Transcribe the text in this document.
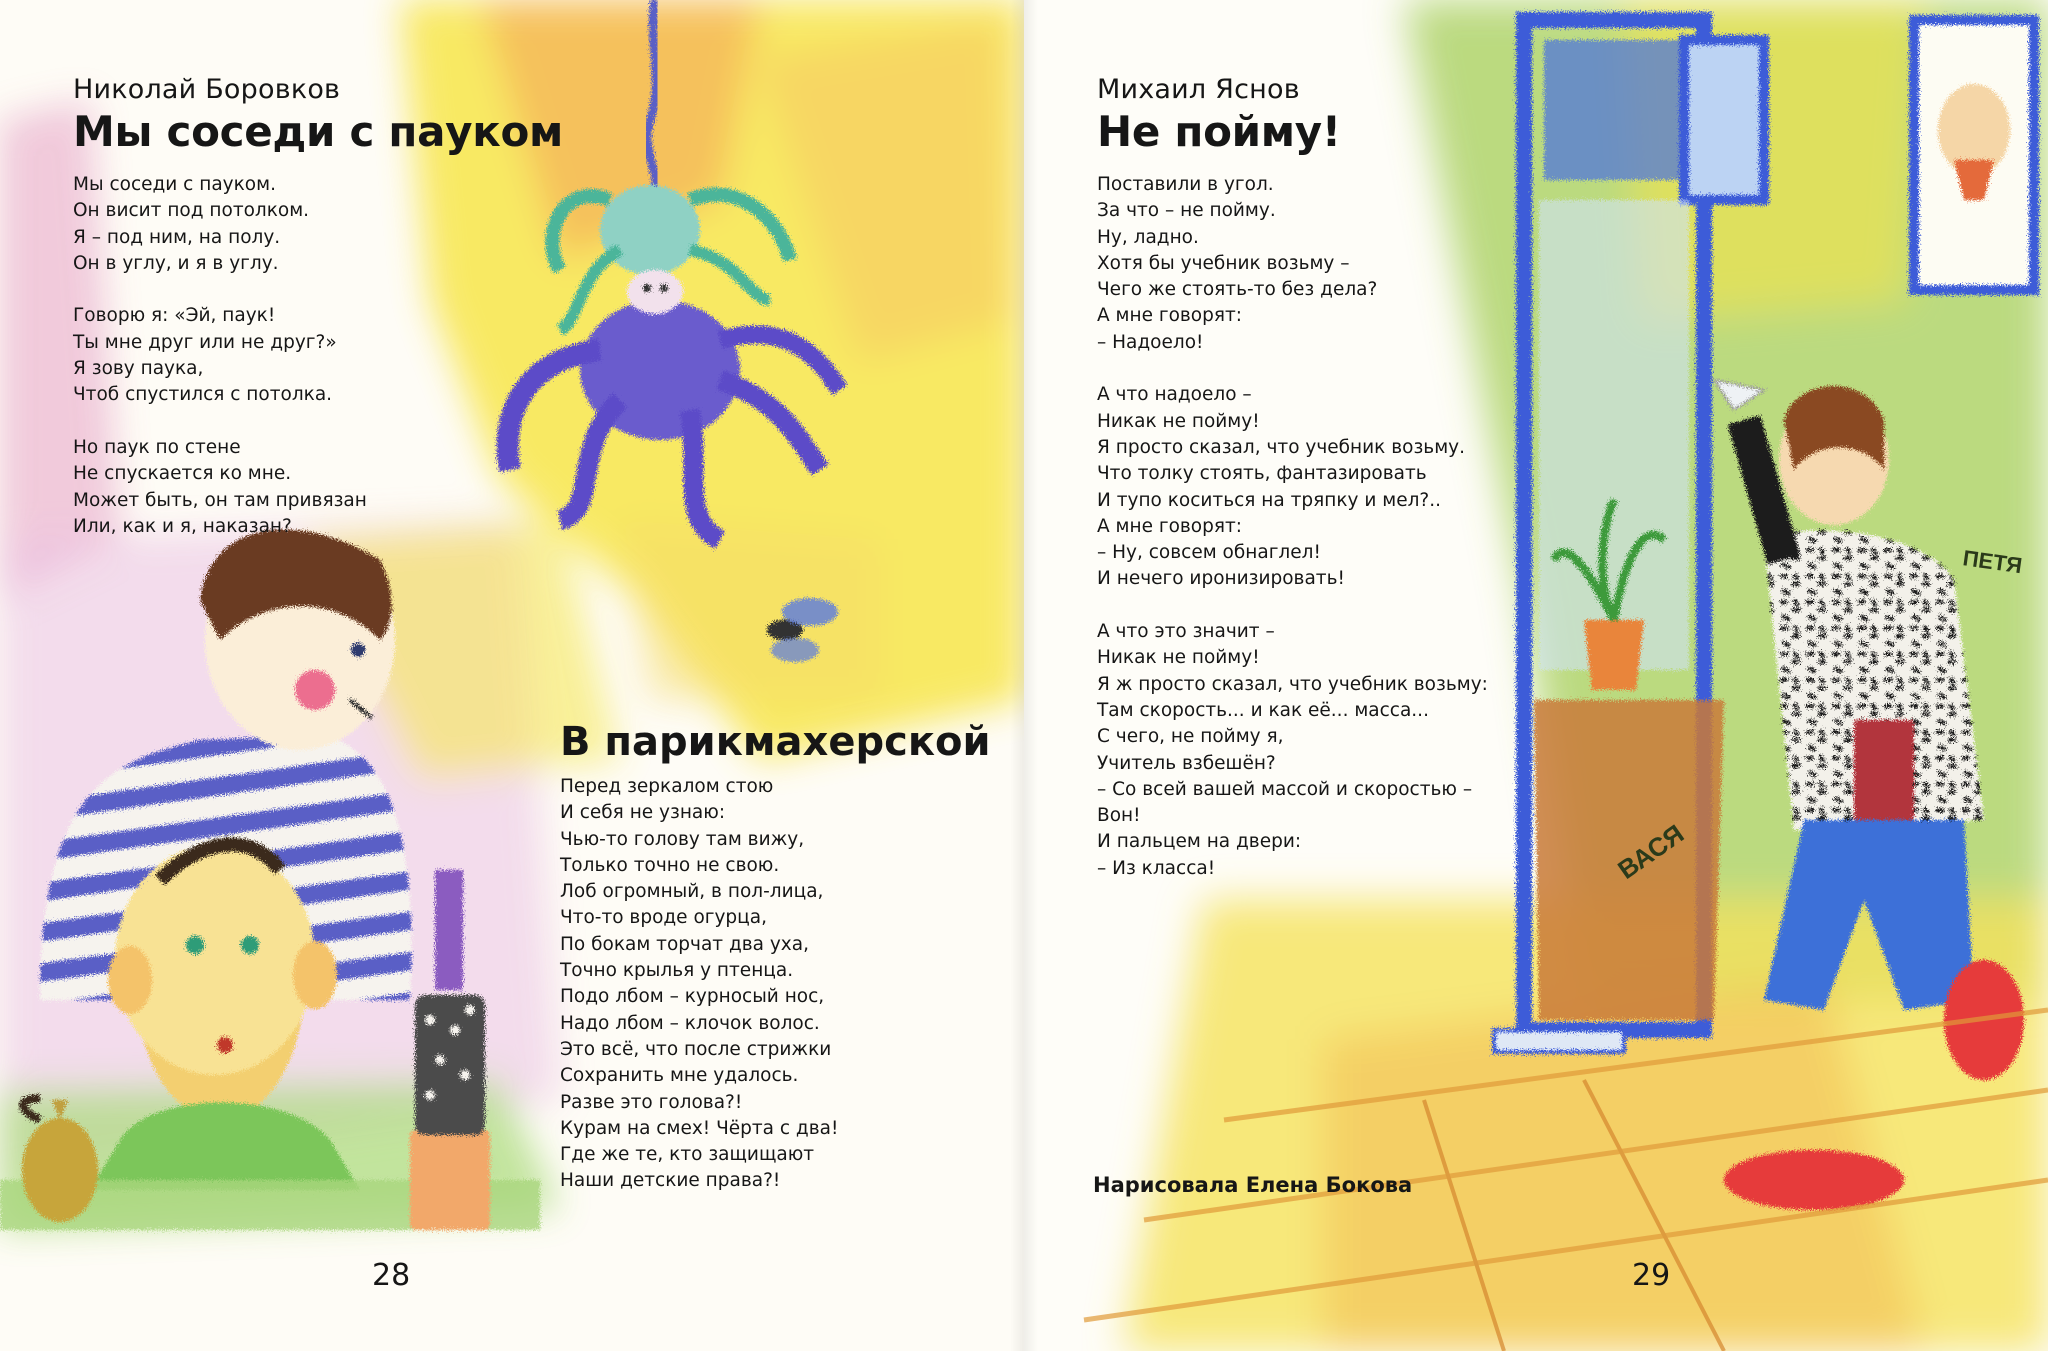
Николай Боровков
Мы соседи с пауком
Мы соседи с пауком.
Он висит под потолком.
Я – под ним, на полу.
Он в углу, и я в углу.

Говорю я: «Эй, паук!
Ты мне друг или не друг?»
Я зову паука,
Чтоб спустился с потолка.

Но паук по стене
Не спускается ко мне.
Может быть, он там привязан
Или, как и я, наказан?
В парикмахерской
Перед зеркалом стою
И себя не узнаю:
Чью-то голову там вижу,
Только точно не свою.
Лоб огромный, в пол-лица,
Что-то вроде огурца,
По бокам торчат два уха,
Точно крылья у птенца.
Подо лбом – курносый нос,
Надо лбом – клочок волос.
Это всё, что после стрижки
Сохранить мне удалось.
Разве это голова?!
Курам на смех! Чёрта с два!
Где же те, кто защищают
Наши детские права?!
28
ПЕТЯ
ВАСЯ
Михаил Яснов
Не пойму!
Поставили в угол.
За что – не пойму.
Ну, ладно.
Хотя бы учебник возьму –
Чего же стоять-то без дела?
А мне говорят:
– Надоело!

А что надоело –
Никак не пойму!
Я просто сказал, что учебник возьму.
Что толку стоять, фантазировать
И тупо коситься на тряпку и мел?..
А мне говорят:
– Ну, совсем обнаглел!
И нечего иронизировать!

А что это значит –
Никак не пойму!
Я ж просто сказал, что учебник возьму:
Там скорость... и как её... масса...
С чего, не пойму я,
Учитель взбешён?
– Со всей вашей массой и скоростью –
Вон!
И пальцем на двери:
– Из класса!
Нарисовала Елена Бокова
29
